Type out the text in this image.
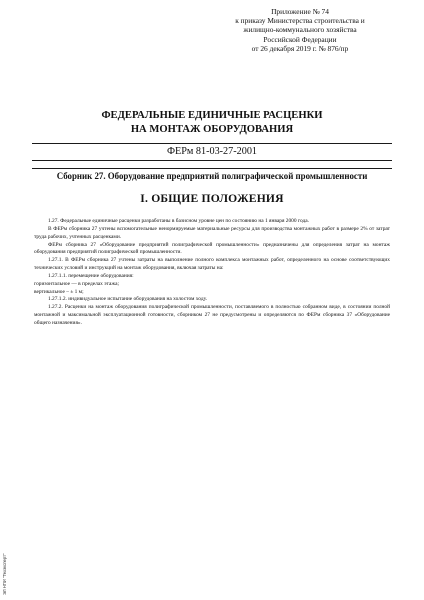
Приложение № 74
к приказу Министерства строительства и
жилищно-коммунального хозяйства
Российской Федерации
от 26 декабря 2019 г. № 876/пр
ФЕДЕРАЛЬНЫЕ ЕДИНИЧНЫЕ РАСЦЕНКИ
НА МОНТАЖ ОБОРУДОВАНИЯ
ФЕРм 81-03-27-2001
Сборник 27. Оборудование предприятий полиграфической промышленности
I. ОБЩИЕ ПОЛОЖЕНИЯ

1.27. Федеральные единичные расценки разработаны в базисном уровне цен по состоянию на 1 января 2000 года.

В ФЕРм сборника 27 учтены вспомогательные ненормируемые материальные ресурсы для производства монтажных работ в размере 2% от затрат труда рабочих, учтенных расценками.

ФЕРм сборника 27 «Оборудование предприятий полиграфической промышленности» предназначены для определения затрат на монтаж оборудования предприятий полиграфической промышленности.

1.27.1. В ФЕРм сборника 27 учтены затраты на выполнение полного комплекса монтажных работ, определенного на основе соответствующих технических условий и инструкций на монтаж оборудования, включая затраты на:

1.27.1.1. перемещение оборудования:

горизонтальное — в пределах этажа;

вертикальное – ± 1 м;

1.27.1.2. индивидуальное испытание оборудования на холостом ходу.

1.27.2. Расценки на монтаж оборудования полиграфической промышленности, поставляемого в полностью собранном виде, в состоянии полной монтажной и максимальной эксплуатационной готовности, сборником 27 не предусмотрены и определяются по ФЕРм сборника 37 «Оборудование общего назначения».

ЭЛ НПИ "Техэксперт"
